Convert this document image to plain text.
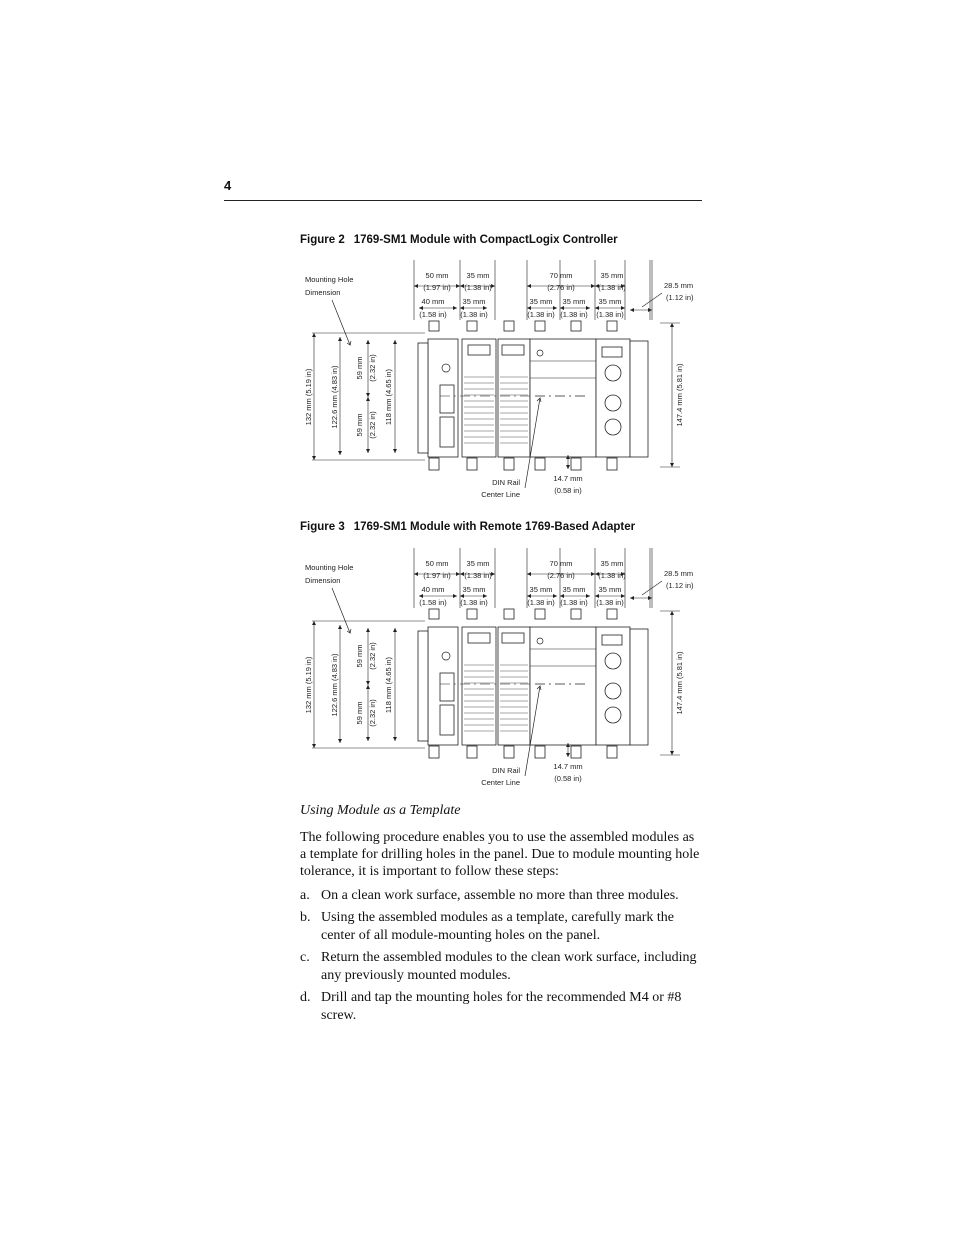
4
Figure 2 1769-SM1 Module with CompactLogix Controller
Mounting Hole
Dimension
50 mm
(1.97 in)
35 mm
(1.38 in)
70 mm
(2.76 in)
35 mm
(1.38 in)
40 mm
(1.58 in)
35 mm
(1.38 in)
35 mm
(1.38 in)
35 mm
(1.38 in)
35 mm
(1.38 in)
28.5 mm
(1.12 in)
132 mm (5.19 in) 122.6 mm (4.83 in) 59 mm (2.32 in)
59 mm (2.32 in) 118 mm (4.65 in)	147.4 mm (5.81 in)
DIN Rail
Center Line
14.7 mm
(0.58 in)
Figure 3 1769-SM1 Module with Remote 1769-Based Adapter
Mounting Hole
Dimension
50 mm
(1.97 in)
35 mm
(1.38 in)
70 mm
(2.76 in)
35 mm
(1.38 in)
40 mm
(1.58 in)
35 mm
(1.38 in)
35 mm
(1.38 in)
35 mm
(1.38 in)
35 mm
(1.38 in)
28.5 mm
(1.12 in)
132 mm (5.19 in) 122.6 mm (4.83 in) 59 mm (2.32 in)
59 mm (2.32 in) 118 mm (4.65 in)	147.4 mm (5.81 in)
DIN Rail
Center Line
14.7 mm
(0.58 in)
Using Module as a Template
The following procedure enables you to use the assembled modules as a template for drilling holes in the panel. Due to module mounting hole tolerance, it is important to follow these steps:
a. On a clean work surface, assemble no more than three modules.
b. Using the assembled modules as a template, carefully mark the center of all module-mounting holes on the panel.
c. Return the assembled modules to the clean work surface, including any previously mounted modules.
d. Drill and tap the mounting holes for the recommended M4 or #8 screw.
